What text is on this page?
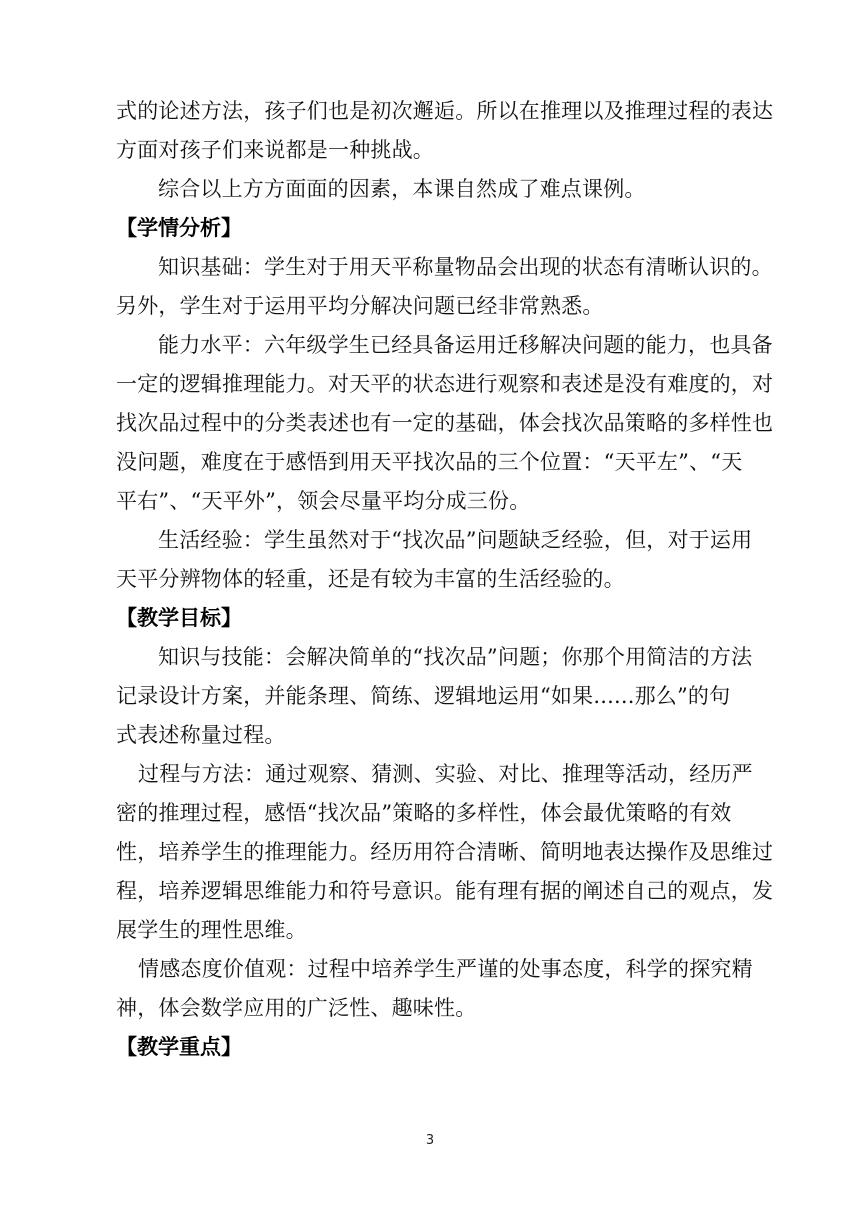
式的论述方法，孩子们也是初次邂逅。所以在推理以及推理过程的表达

方面对孩子们来说都是一种挑战。

综合以上方方面面的因素，本课自然成了难点课例。

【学情分析】

知识基础：学生对于用天平称量物品会出现的状态有清晰认识的。

另外，学生对于运用平均分解决问题已经非常熟悉。

能力水平：六年级学生已经具备运用迁移解决问题的能力，也具备

一定的逻辑推理能力。对天平的状态进行观察和表述是没有难度的，对

找次品过程中的分类表述也有一定的基础，体会找次品策略的多样性也

没问题，难度在于感悟到用天平找次品的三个位置：“天平左”、“天

平右”、“天平外”，领会尽量平均分成三份。

生活经验：学生虽然对于“找次品”问题缺乏经验，但，对于运用

天平分辨物体的轻重，还是有较为丰富的生活经验的。

【教学目标】

知识与技能：会解决简单的“找次品”问题；你那个用简洁的方法

记录设计方案，并能条理、简练、逻辑地运用“如果......那么”的句

式表述称量过程。

过程与方法：通过观察、猜测、实验、对比、推理等活动，经历严

密的推理过程，感悟“找次品”策略的多样性，体会最优策略的有效

性，培养学生的推理能力。经历用符合清晰、简明地表达操作及思维过

程，培养逻辑思维能力和符号意识。能有理有据的阐述自己的观点，发

展学生的理性思维。

情感态度价值观：过程中培养学生严谨的处事态度，科学的探究精

神，体会数学应用的广泛性、趣味性。

【教学重点】

3
